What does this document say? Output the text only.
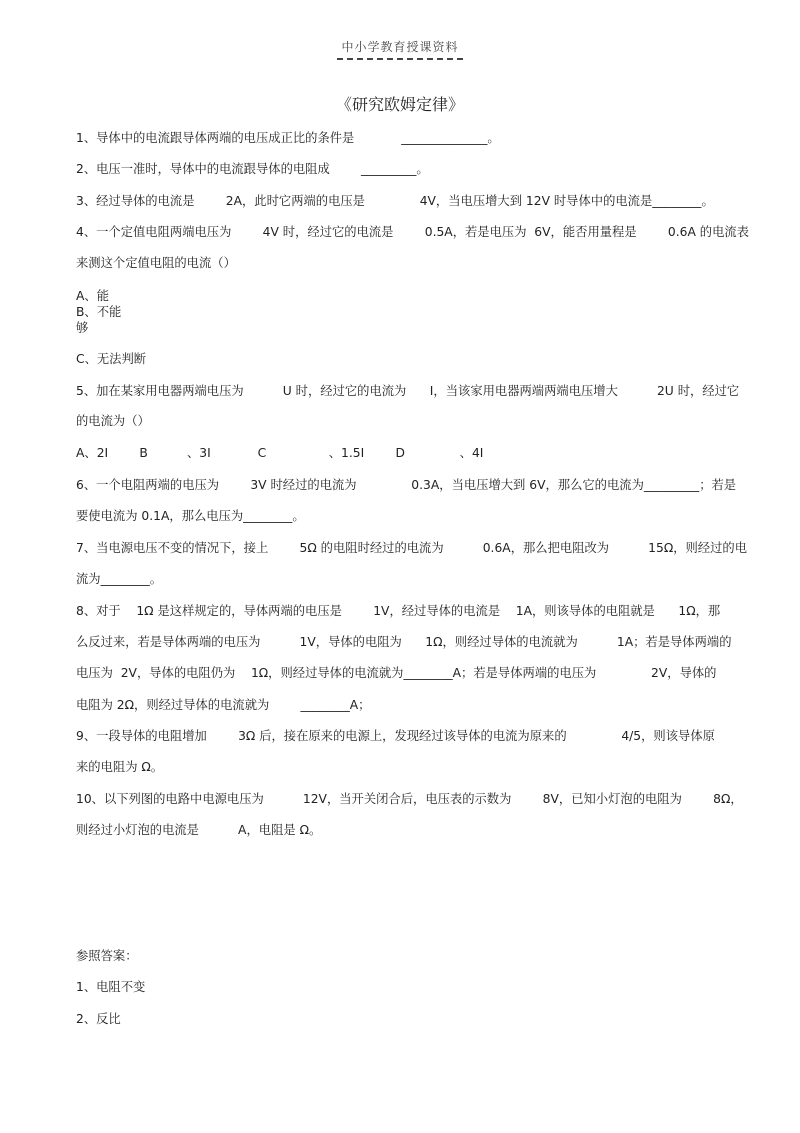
中小学教育授课资料
《研究欧姆定律》
1、导体中的电流跟导体两端的电压成正比的条件是            ______________。
2、电压一准时，导体中的电流跟导体的电阻成        _________。
3、经过导体的电流是        2A，此时它两端的电压是              4V，当电压增大到 12V 时导体中的电流是________。
4、一个定值电阻两端电压为        4V 时，经过它的电流是        0.5A，若是电压为  6V，能否用量程是        0.6A 的电流表
来测这个定值电阻的电流（）
A、能
B、不能
够
C、无法判断
5、加在某家用电器两端电压为          U 时，经过它的电流为      I，当该家用电器两端两端电压增大          2U 时，经过它
的电流为（）
A、2I        B          、3I            C                、1.5I        D              、4I
6、一个电阻两端的电压为        3V 时经过的电流为              0.3A，当电压增大到 6V，那么它的电流为_________；若是
要使电流为 0.1A，那么电压为________。
7、当电源电压不变的情况下，接上        5Ω 的电阻时经过的电流为          0.6A，那么把电阻改为          15Ω，则经过的电
流为________。
8、对于    1Ω 是这样规定的，导体两端的电压是        1V，经过导体的电流是    1A，则该导体的电阻就是      1Ω，那
么反过来，若是导体两端的电压为          1V，导体的电阻为      1Ω，则经过导体的电流就为          1A；若是导体两端的
电压为  2V，导体的电阻仍为    1Ω，则经过导体的电流就为________A；若是导体两端的电压为              2V，导体的
电阻为 2Ω，则经过导体的电流就为        ________A；
9、一段导体的电阻增加        3Ω 后，接在原来的电源上，发现经过该导体的电流为原来的              4/5，则该导体原
来的电阻为 Ω。
10、以下列图的电路中电源电压为          12V，当开关闭合后，电压表的示数为        8V，已知小灯泡的电阻为        8Ω，
则经过小灯泡的电流是          A，电阻是 Ω。
参照答案：
1、电阻不变
2、反比
